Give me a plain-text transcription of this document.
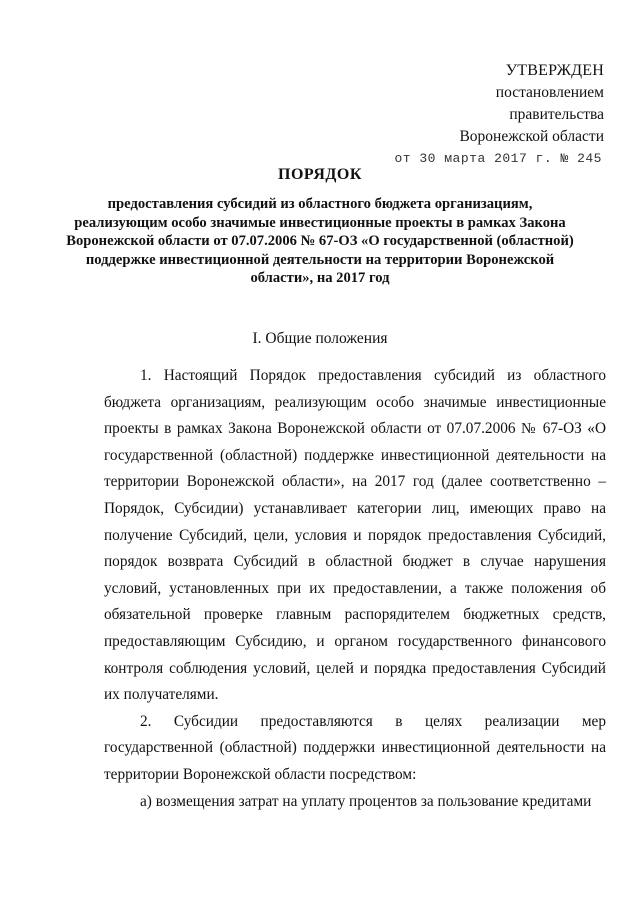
УТВЕРЖДЕН
постановлением
правительства
Воронежской области
от 30 марта 2017 г. № 245
ПОРЯДОК
предоставления субсидий из областного бюджета организациям, реализующим особо значимые инвестиционные проекты в рамках Закона Воронежской области от 07.07.2006 № 67-ОЗ «О государственной (областной) поддержке инвестиционной деятельности на территории Воронежской области», на 2017 год
I. Общие положения

1. Настоящий Порядок предоставления субсидий из областного бюджета организациям, реализующим особо значимые инвестиционные проекты в рамках Закона Воронежской области от 07.07.2006 № 67-ОЗ «О государственной (областной) поддержке инвестиционной деятельности на территории Воронежской области», на 2017 год (далее соответственно – Порядок, Субсидии) устанавливает категории лиц, имеющих право на получение Субсидий, цели, условия и порядок предоставления Субсидий, порядок возврата Субсидий в областной бюджет в случае нарушения условий, установленных при их предоставлении, а также положения об обязательной проверке главным распорядителем бюджетных средств, предоставляющим Субсидию, и органом государственного финансового контроля соблюдения условий, целей и порядка предоставления Субсидий их получателями.

2. Субсидии предоставляются в целях реализации мер государственной (областной) поддержки инвестиционной деятельности на территории Воронежской области посредством:

а) возмещения затрат на уплату процентов за пользование кредитами
